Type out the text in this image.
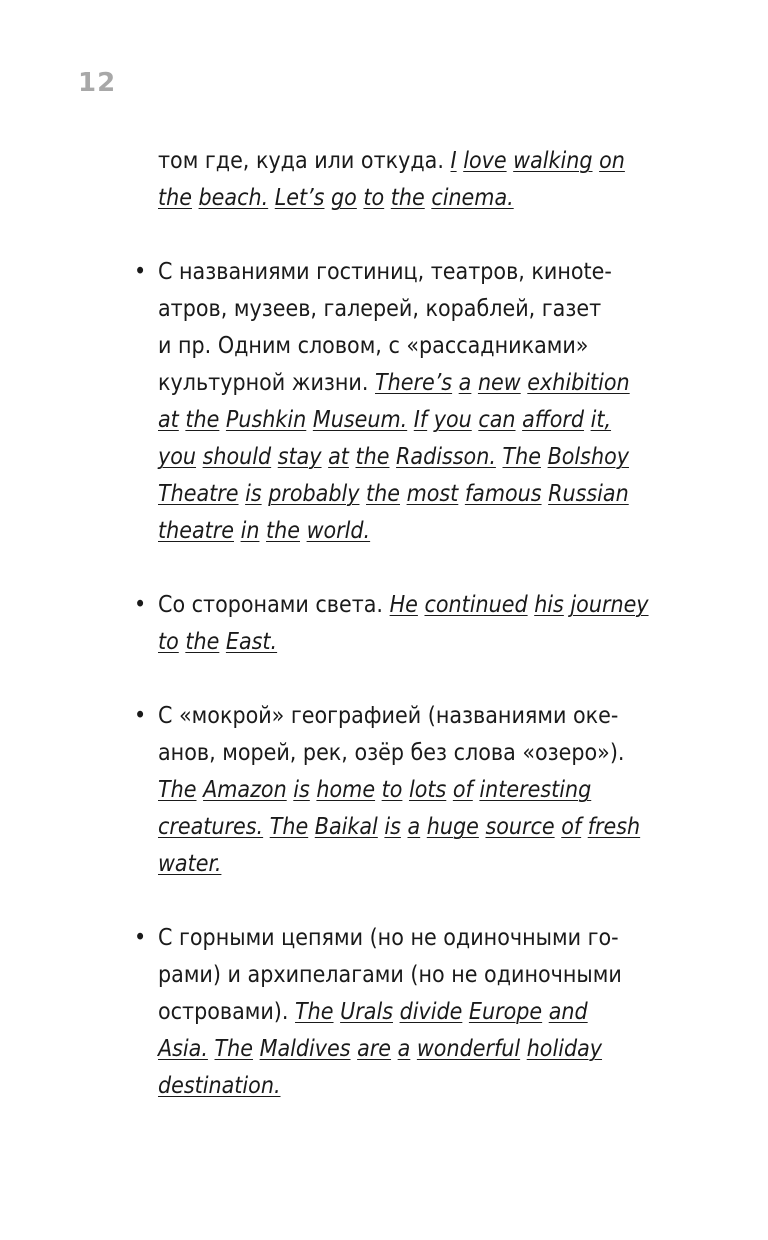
12

том где, куда или откуда. I love walking on
the beach. Let’s go to the cinema.

• С названиями гостиниц, театров, кинote-
атров, музеев, галерей, кораблей, газет
и пр. Одним словом, с «рассадниками»
культурной жизни. There’s a new exhibition
at the Pushkin Museum. If you can afford it,
you should stay at the Radisson. The Bolshoy
Theatre is probably the most famous Russian
theatre in the world.

• Со сторонами света. He continued his journey
to the East.

• С «мокрой» географией (названиями оке-
анов, морей, рек, озёр без слова «озеро»).
The Amazon is home to lots of interesting
creatures. The Baikal is a huge source of fresh
water.

• С горными цепями (но не одиночными го-
рами) и архипелагами (но не одиночными
островами). The Urals divide Europe and
Asia. The Maldives are a wonderful holiday
destination.
